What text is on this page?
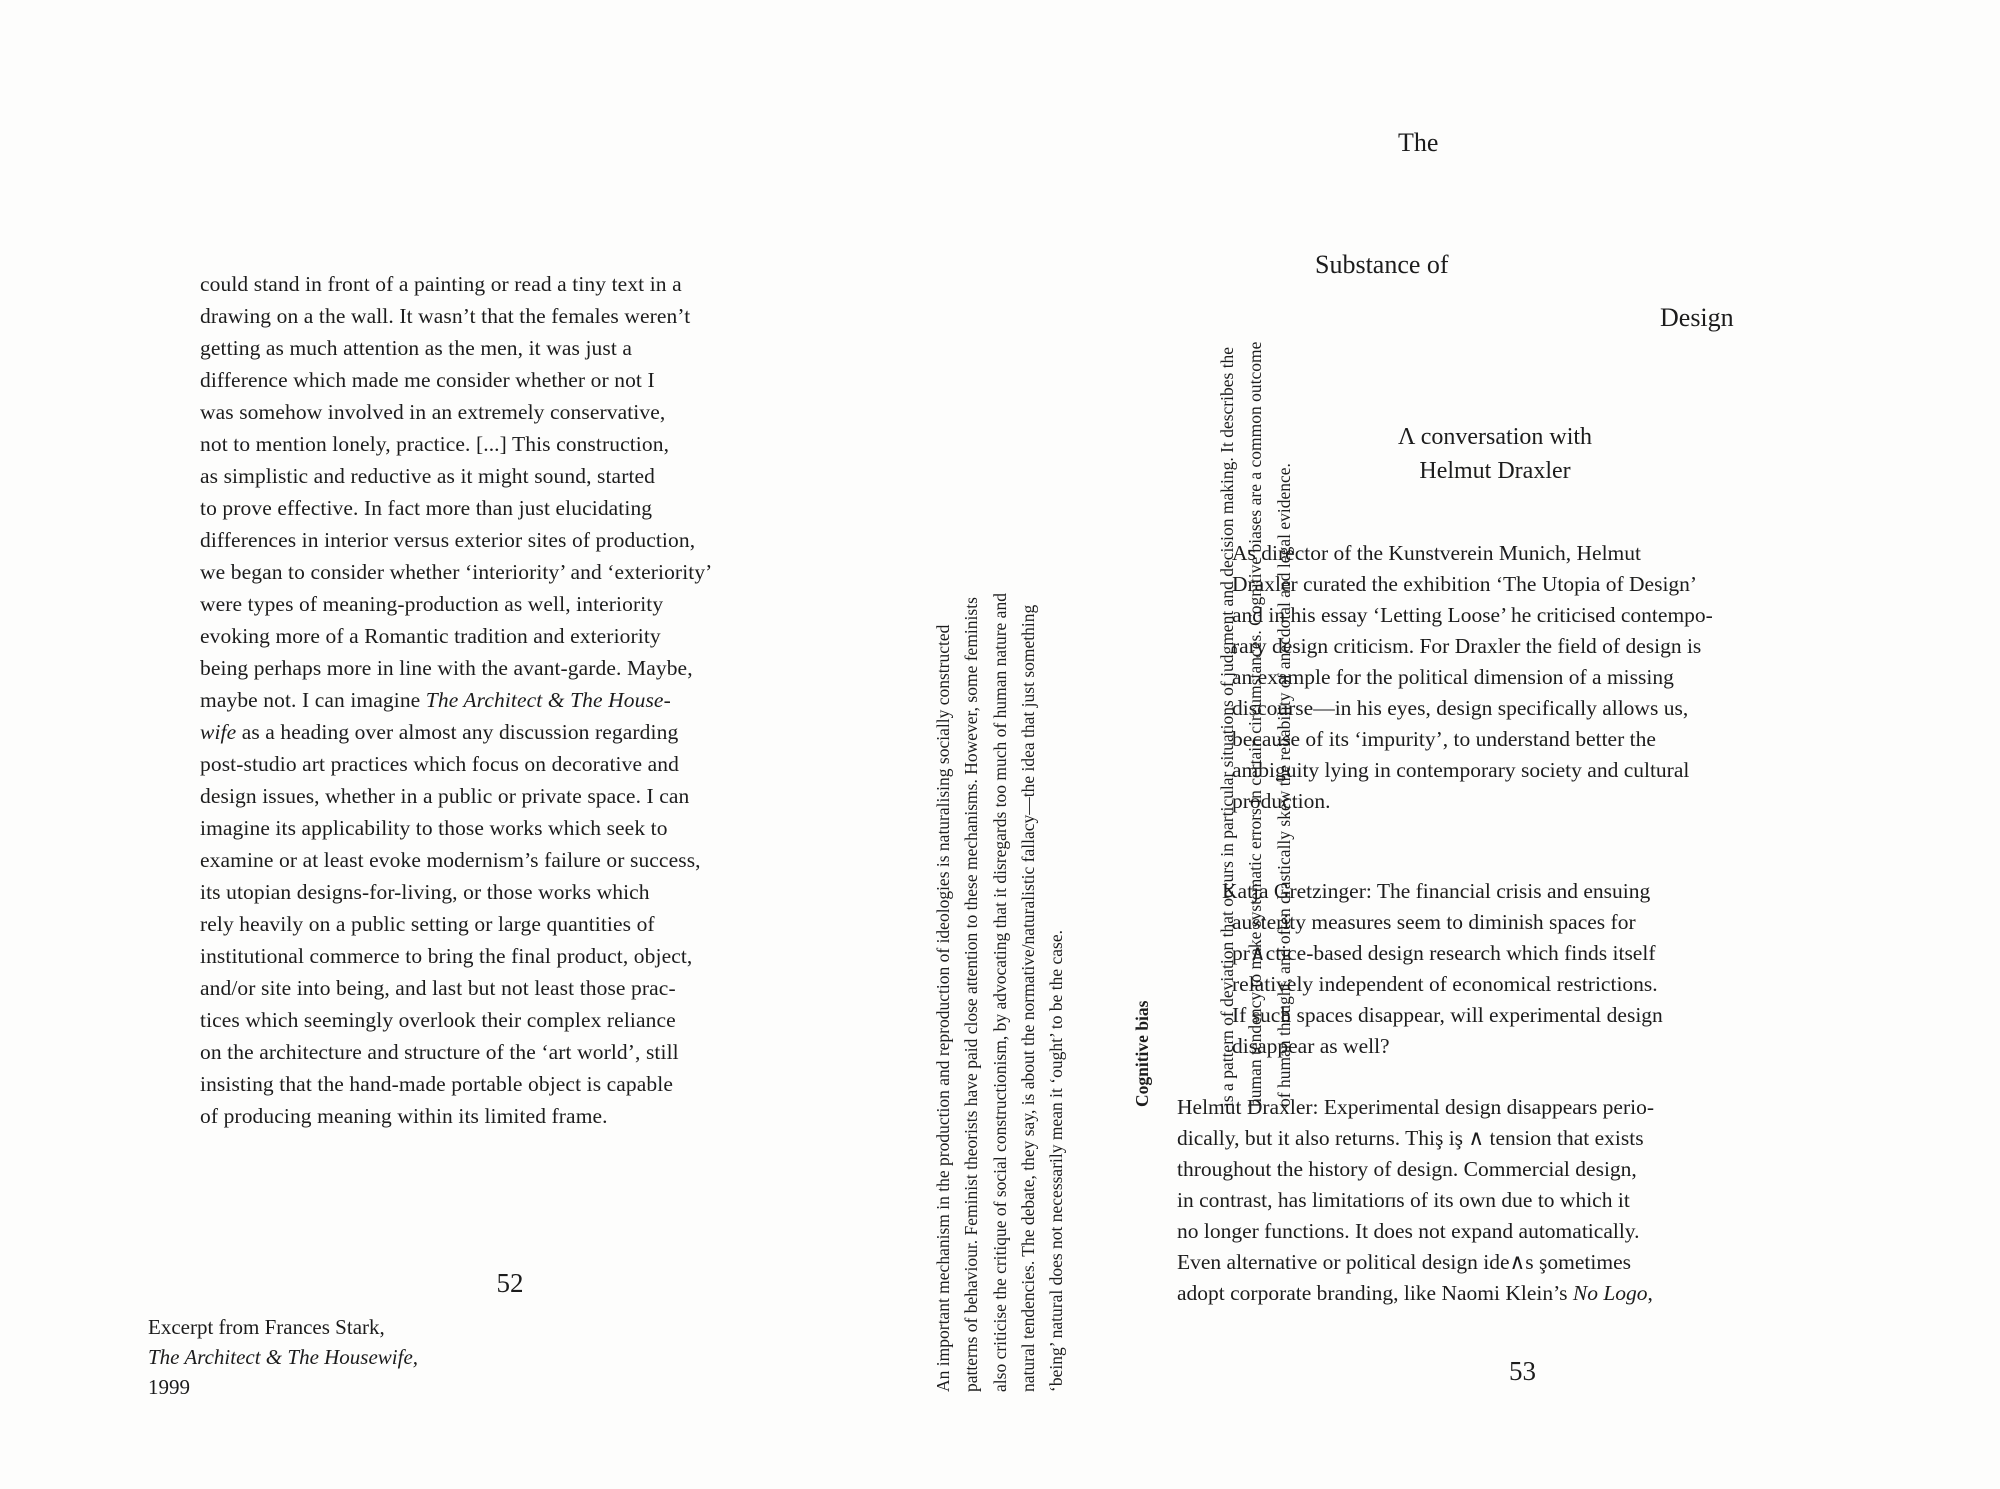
could stand in front of a painting or read a tiny text in a
drawing on a the wall. It wasn’t that the females weren’t
getting as much attention as the men, it was just a
difference which made me consider whether or not I
was somehow involved in an extremely conservative,
not to mention lonely, practice. [...] This construction,
as simplistic and reductive as it might sound, started
to prove effective. In fact more than just elucidating
differences in interior versus exterior sites of production,
we began to consider whether ‘interiority’ and ‘exteriority’
were types of meaning-production as well, interiority
evoking more of a Romantic tradition and exteriority
being perhaps more in line with the avant-garde. Maybe,
maybe not. I can imagine The Architect & The House-
wife as a heading over almost any discussion regarding
post-studio art practices which focus on decorative and
design issues, whether in a public or private space. I can
imagine its applicability to those works which seek to
examine or at least evoke modernism’s failure or success,
its utopian designs-for-living, or those works which
rely heavily on a public setting or large quantities of
institutional commerce to bring the final product, object,
and/or site into being, and last but not least those prac-
tices which seemingly overlook their complex reliance
on the architecture and structure of the ‘art world’, still
insisting that the hand-made portable object is capable
of producing meaning within its limited frame.
52
Excerpt from Frances Stark,
The Architect & The Housewife,
1999

	An important mechanism in the production and reproduction of ideologies is naturalising socially constructed patterns of behaviour. Feminist theorists have paid close attention to these mechanisms. However, some feminists also criticise the critique of social constructionism, by advocating that it disregards too much of human nature and natural tendencies. The debate, they say, is about the normative/naturalistic fallacy—the idea that just something ‘being’ natural does not necessarily mean it ‘ought’ to be the case.

	Cognitive bias

	is a pattern of deviation that occurs in particular situations of judgment and decision making. It describes the human tendency to make systematic errors in certain circumstances. Cognitive biases are a common outcome of human thought, and often drastically skew the reliability of anecdotal and legal evidence.

The
Substance of
Design
Λ conversation with
Helmut Draxler
As director of the Kunstverein Munich, Helmut
Draxler curated the exhibition ‘The Utopia of Design’
and in his essay ‘Letting Loose’ he criticised contempo-
rary design criticism. For Draxler the field of design is
an example for the political dimension of a missing
discourse—in his eyes, design specifically allows us,
because of its ‘impurity’, to understand better the
ambiguity lying in contemporary society and cultural
production.
Katja Gretzinger: The financial crisis and ensuing
austerity measures seem to diminish spaces for
pr∧ctice-based design research which finds itself
relatively independent of economical restrictions.
If such spaces disappear, will experimental design
disappear as well?
Helmut Draxler: Experimental design disappears perio-
dically, but it also returns. Thiş iş ∧ tension that exists
throughout the history of design. Commercial design,
in contrast, has limitatioпs of its own due to which it
no longer functions. It does not expand automatically.
Even alternative or political design ide∧s şometimes
adopt corporate branding, like Naomi Klein’s No Logo,
53
